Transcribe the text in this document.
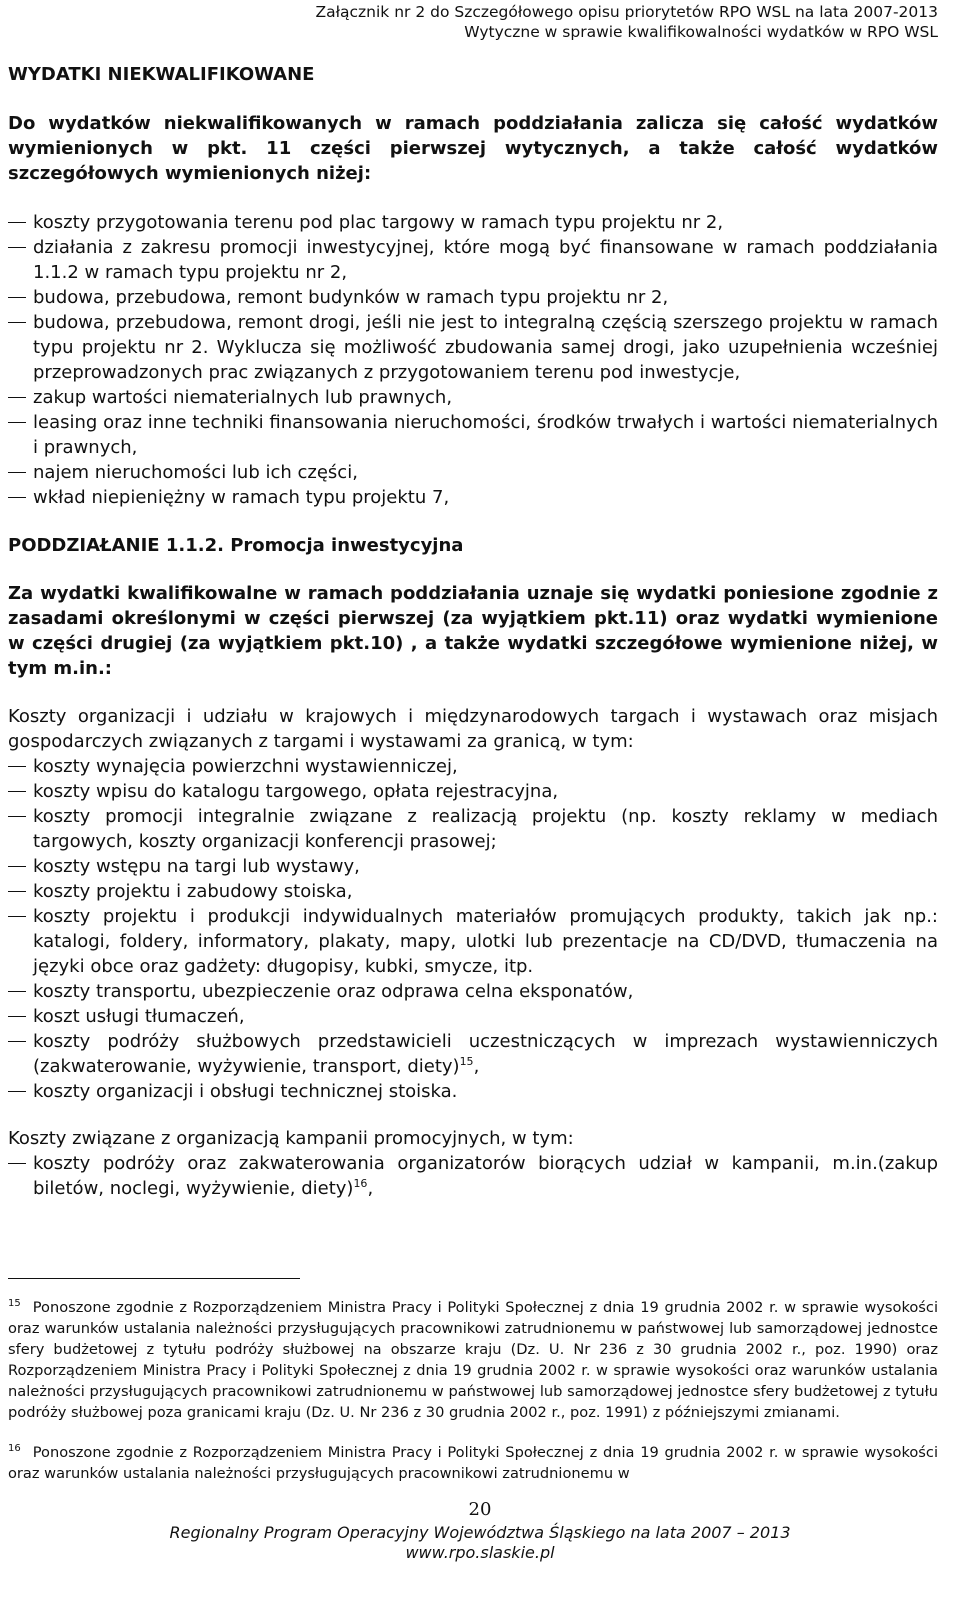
Załącznik nr 2 do Szczegółowego opisu priorytetów RPO WSL na lata 2007-2013
Wytyczne w sprawie kwalifikowalności wydatków w RPO WSL

WYDATKI NIEKWALIFIKOWANE

Do wydatków niekwalifikowanych w ramach poddziałania zalicza się całość wydatków wymienionych w pkt. 11 części pierwszej wytycznych, a także całość wydatków szczegółowych wymienionych niżej:

koszty przygotowania terenu pod plac targowy w ramach typu projektu nr 2,
działania z zakresu promocji inwestycyjnej, które mogą być finansowane w ramach poddziałania 1.1.2 w ramach typu projektu nr 2,
budowa, przebudowa, remont budynków w ramach typu projektu nr 2,
budowa, przebudowa, remont drogi, jeśli nie jest to integralną częścią szerszego projektu w ramach typu projektu nr 2. Wyklucza się możliwość zbudowania samej drogi, jako uzupełnienia wcześniej przeprowadzonych prac związanych z przygotowaniem terenu pod inwestycje,
zakup wartości niematerialnych lub prawnych,
leasing oraz inne techniki finansowania nieruchomości, środków trwałych i wartości niematerialnych i prawnych,
najem nieruchomości lub ich części,
wkład niepieniężny w ramach typu projektu 7,

PODDZIAŁANIE 1.1.2. Promocja inwestycyjna

Za wydatki kwalifikowalne w ramach poddziałania uznaje się wydatki poniesione zgodnie z zasadami określonymi w części pierwszej (za wyjątkiem pkt.11) oraz wydatki wymienione w części drugiej (za wyjątkiem pkt.10) , a także wydatki szczegółowe wymienione niżej, w tym m.in.:

Koszty organizacji i udziału w krajowych i międzynarodowych targach i wystawach oraz misjach gospodarczych związanych z targami i wystawami za granicą, w tym:

koszty wynajęcia powierzchni wystawienniczej,
koszty wpisu do katalogu targowego, opłata rejestracyjna,
koszty promocji integralnie związane z realizacją projektu (np. koszty reklamy w mediach targowych, koszty organizacji konferencji prasowej;
koszty wstępu na targi lub wystawy,
koszty projektu i zabudowy stoiska,
koszty projektu i produkcji indywidualnych materiałów promujących produkty, takich jak np.: katalogi, foldery, informatory, plakaty, mapy, ulotki lub prezentacje na CD/DVD, tłumaczenia na języki obce oraz gadżety: długopisy, kubki, smycze, itp.
koszty transportu, ubezpieczenie oraz odprawa celna eksponatów,
koszt usługi tłumaczeń,
koszty podróży służbowych przedstawicieli uczestniczących w imprezach wystawienniczych (zakwaterowanie, wyżywienie, transport, diety)$^{15}$,
koszty organizacji i obsługi technicznej stoiska.

Koszty związane z organizacją kampanii promocyjnych, w tym:

koszty podróży oraz zakwaterowania organizatorów biorących udział w kampanii, m.in.(zakup biletów, noclegi, wyżywienie, diety)$^{16}$,

$^{15}$ Ponoszone zgodnie z Rozporządzeniem Ministra Pracy i Polityki Społecznej z dnia 19 grudnia 2002 r. w sprawie wysokości oraz warunków ustalania należności przysługujących pracownikowi zatrudnionemu w państwowej lub samorządowej jednostce sfery budżetowej z tytułu podróży służbowej na obszarze kraju (Dz. U. Nr 236 z 30 grudnia 2002 r., poz. 1990) oraz Rozporządzeniem Ministra Pracy i Polityki Społecznej z dnia 19 grudnia 2002 r. w sprawie wysokości oraz warunków ustalania należności przysługujących pracownikowi zatrudnionemu w państwowej lub samorządowej jednostce sfery budżetowej z tytułu podróży służbowej poza granicami kraju (Dz. U. Nr 236 z 30 grudnia 2002 r., poz. 1991) z późniejszymi zmianami.

$^{16}$ Ponoszone zgodnie z Rozporządzeniem Ministra Pracy i Polityki Społecznej z dnia 19 grudnia 2002 r. w sprawie wysokości oraz warunków ustalania należności przysługujących pracownikowi zatrudnionemu w

20
Regionalny Program Operacyjny Województwa Śląskiego na lata 2007 – 2013
www.rpo.slaskie.pl
